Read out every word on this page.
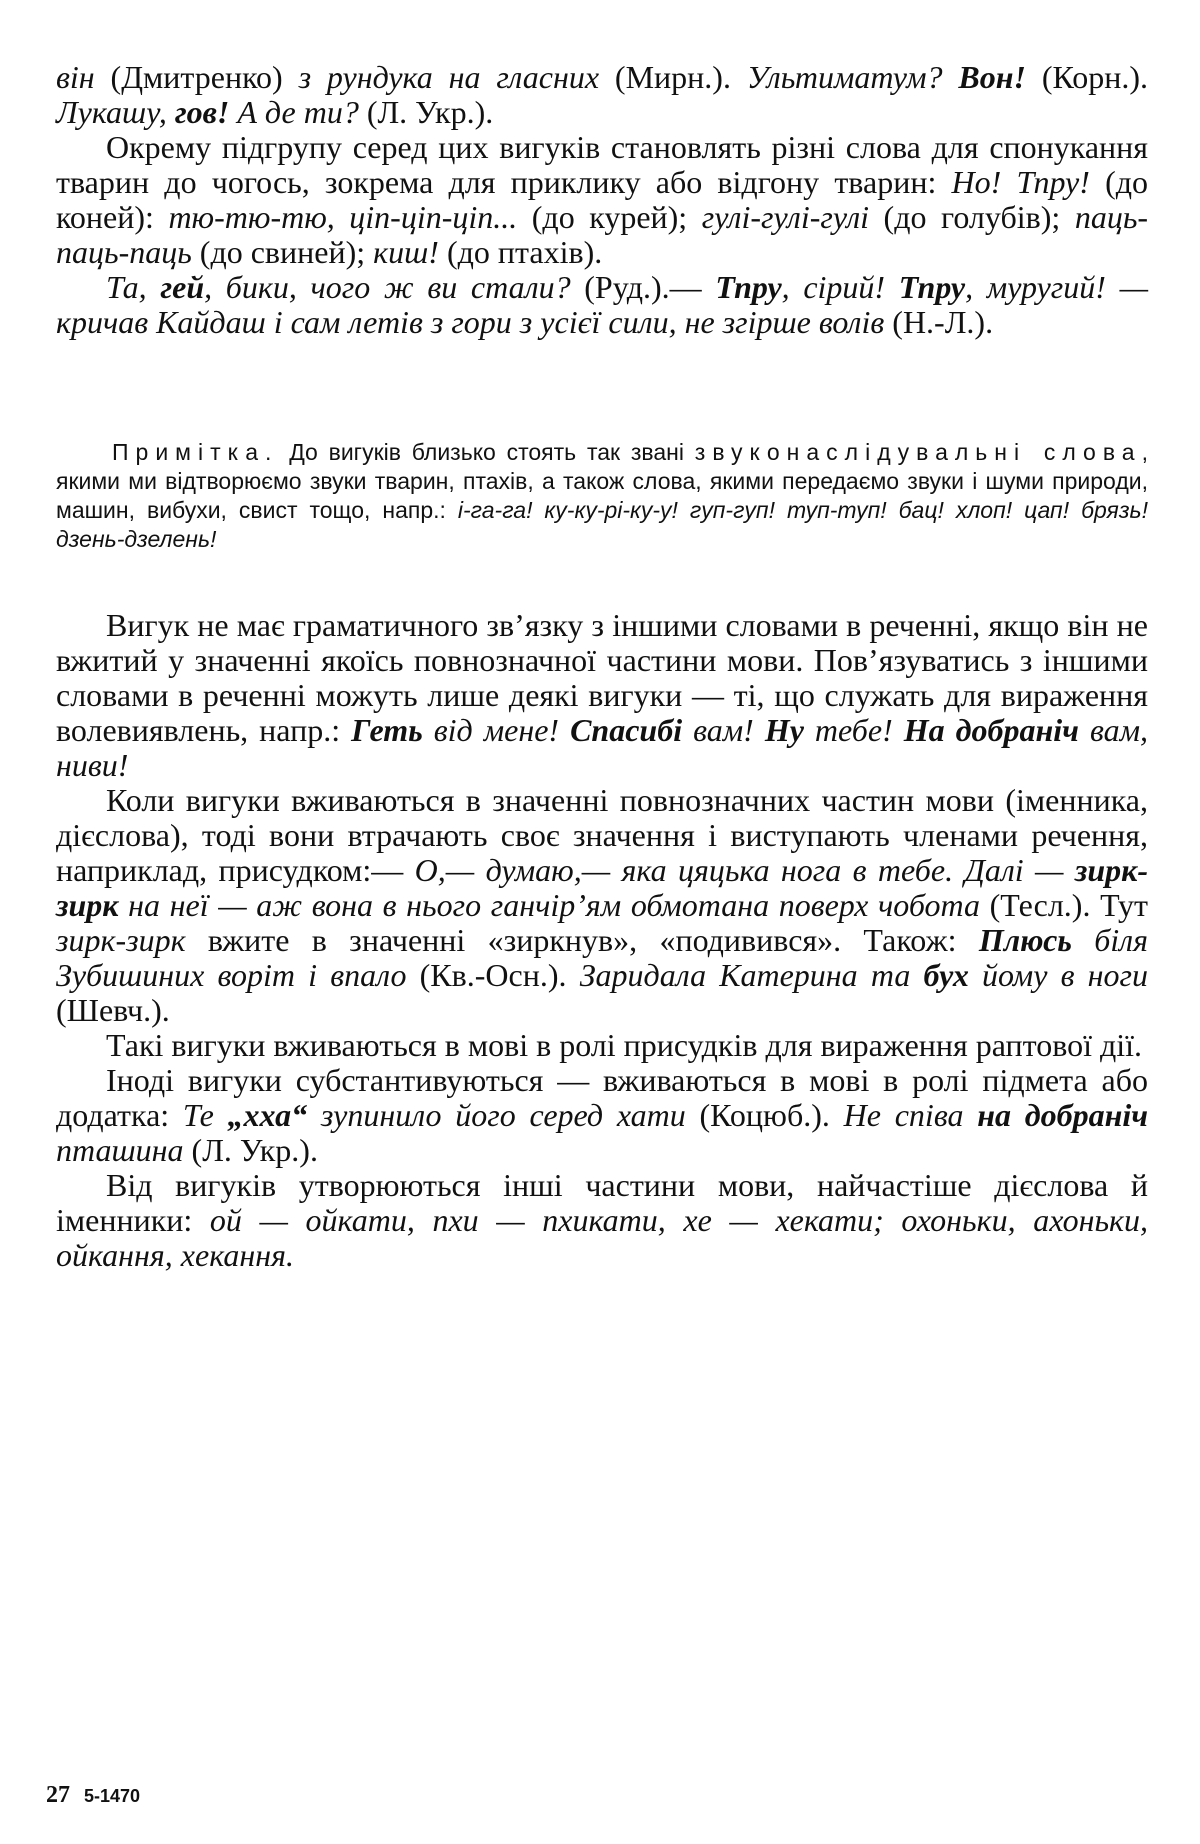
він (Дмитренко) з рундука на гласних (Мирн.). Ультиматум? Вон! (Корн.). Лукашу, гов! А де ти? (Л. Укр.).

Окрему підгрупу серед цих вигуків становлять різні слова для спонукання тварин до чогось, зокрема для приклику або відгону тварин: Но! Тпру! (до коней): тю-тю-тю, ціп-ціп-ціп... (до курей); гулі-гулі-гулі (до голубів); паць-паць-паць (до свиней); киш! (до птахів).

Та, гей, бики, чого ж ви стали? (Руд.).— Тпру, сірий! Тпру, муругий! — кричав Кайдаш і сам летів з гори з усієї сили, не згірше волів (Н.-Л.).

Примітка. До вигуків близько стоять так звані звуконаслідувальні слова, якими ми відтворюємо звуки тварин, птахів, а також слова, якими передаємо звуки і шуми природи, машин, вибухи, свист тощо, напр.: і-га-га! ку-ку-рі-ку-у! гуп-гуп! туп-туп! бац! хлоп! цап! брязь! дзень-дзелень!

Вигук не має граматичного зв’язку з іншими словами в реченні, якщо він не вжитий у значенні якоїсь повнозначної частини мови. Пов’язуватись з іншими словами в реченні можуть лише деякі вигуки — ті, що служать для вираження волевиявлень, напр.: Геть від мене! Спасибі вам! Ну тебе! На добраніч вам, ниви!

Коли вигуки вживаються в значенні повнозначних частин мови (іменника, дієслова), тоді вони втрачають своє значення і виступають членами речення, наприклад, присудком:— О,— думаю,— яка цяцька нога в тебе. Далі — зирк-зирк на неї — аж вона в нього ганчір’ям обмотана поверх чобота (Тесл.). Тут зирк-зирк вжите в значенні «зиркнув», «подивився». Також: Плюсь біля Зубишиних воріт і впало (Кв.-Осн.). Заридала Катерина та бух йому в ноги (Шевч.).

Такі вигуки вживаються в мові в ролі присудків для вираження раптової дії.

Іноді вигуки субстантивуються — вживаються в мові в ролі підмета або додатка: Те „хха“ зупинило його серед хати (Коцюб.). Не співа на добраніч пташина (Л. Укр.).

Від вигуків утворюються інші частини мови, найчастіше дієслова й іменники: ой — ойкати, пхи — пхикати, хе — хекати; охоньки, ахоньки, ойкання, хекання.

27 5-1470
